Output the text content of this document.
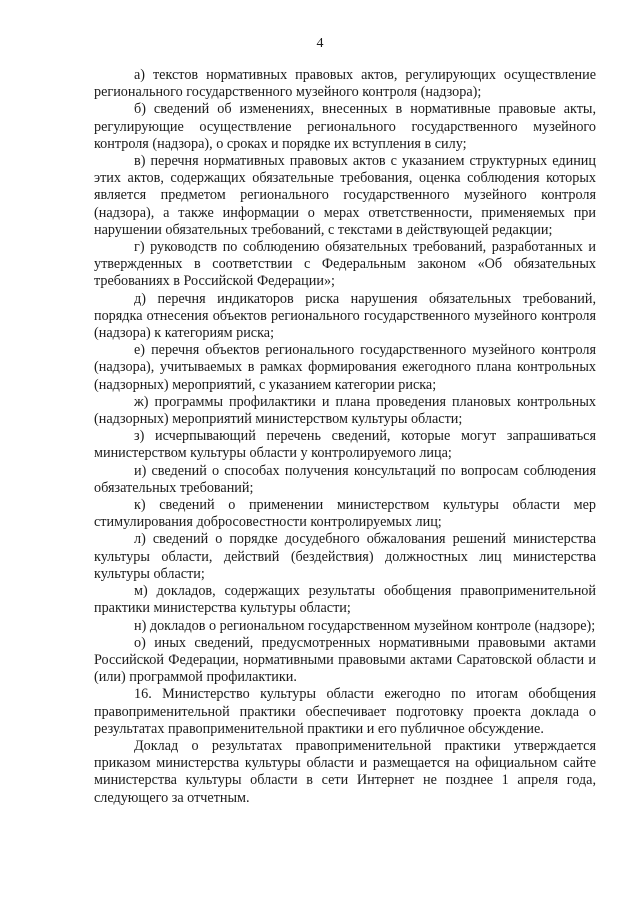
4

а) текстов нормативных правовых актов, регулирующих осуществление регионального государственного музейного контроля (надзора);

б) сведений об изменениях, внесенных в нормативные правовые акты, регулирующие осуществление регионального государственного музейного контроля (надзора), о сроках и порядке их вступления в силу;

в) перечня нормативных правовых актов с указанием структурных единиц этих актов, содержащих обязательные требования, оценка соблюдения которых является предметом регионального государственного музейного контроля (надзора), а также информации о мерах ответственности, применяемых при нарушении обязательных требований, с текстами в действующей редакции;

г) руководств по соблюдению обязательных требований, разработанных и утвержденных в соответствии с Федеральным законом «Об обязательных требованиях в Российской Федерации»;

д) перечня индикаторов риска нарушения обязательных требований, порядка отнесения объектов регионального государственного музейного контроля (надзора) к категориям риска;

е) перечня объектов регионального государственного музейного контроля (надзора), учитываемых в рамках формирования ежегодного плана контрольных (надзорных) мероприятий, с указанием категории риска;

ж) программы профилактики и плана проведения плановых контрольных (надзорных) мероприятий министерством культуры области;

з) исчерпывающий перечень сведений, которые могут запрашиваться министерством культуры области у контролируемого лица;

и) сведений о способах получения консультаций по вопросам соблюдения обязательных требований;

к) сведений о применении министерством культуры области мер стимулирования добросовестности контролируемых лиц;

л) сведений о порядке досудебного обжалования решений министерства культуры области, действий (бездействия) должностных лиц министерства культуры области;

м) докладов, содержащих результаты обобщения правоприменительной практики министерства культуры области;

н) докладов о региональном государственном музейном контроле (надзоре);

о) иных сведений, предусмотренных нормативными правовыми актами Российской Федерации, нормативными правовыми актами Саратовской области и (или) программой профилактики.

16. Министерство культуры области ежегодно по итогам обобщения правоприменительной практики обеспечивает подготовку проекта доклада о результатах правоприменительной практики и его публичное обсуждение.

Доклад о результатах правоприменительной практики утверждается приказом министерства культуры области и размещается на официальном сайте министерства культуры области в сети Интернет не позднее 1 апреля года, следующего за отчетным.
